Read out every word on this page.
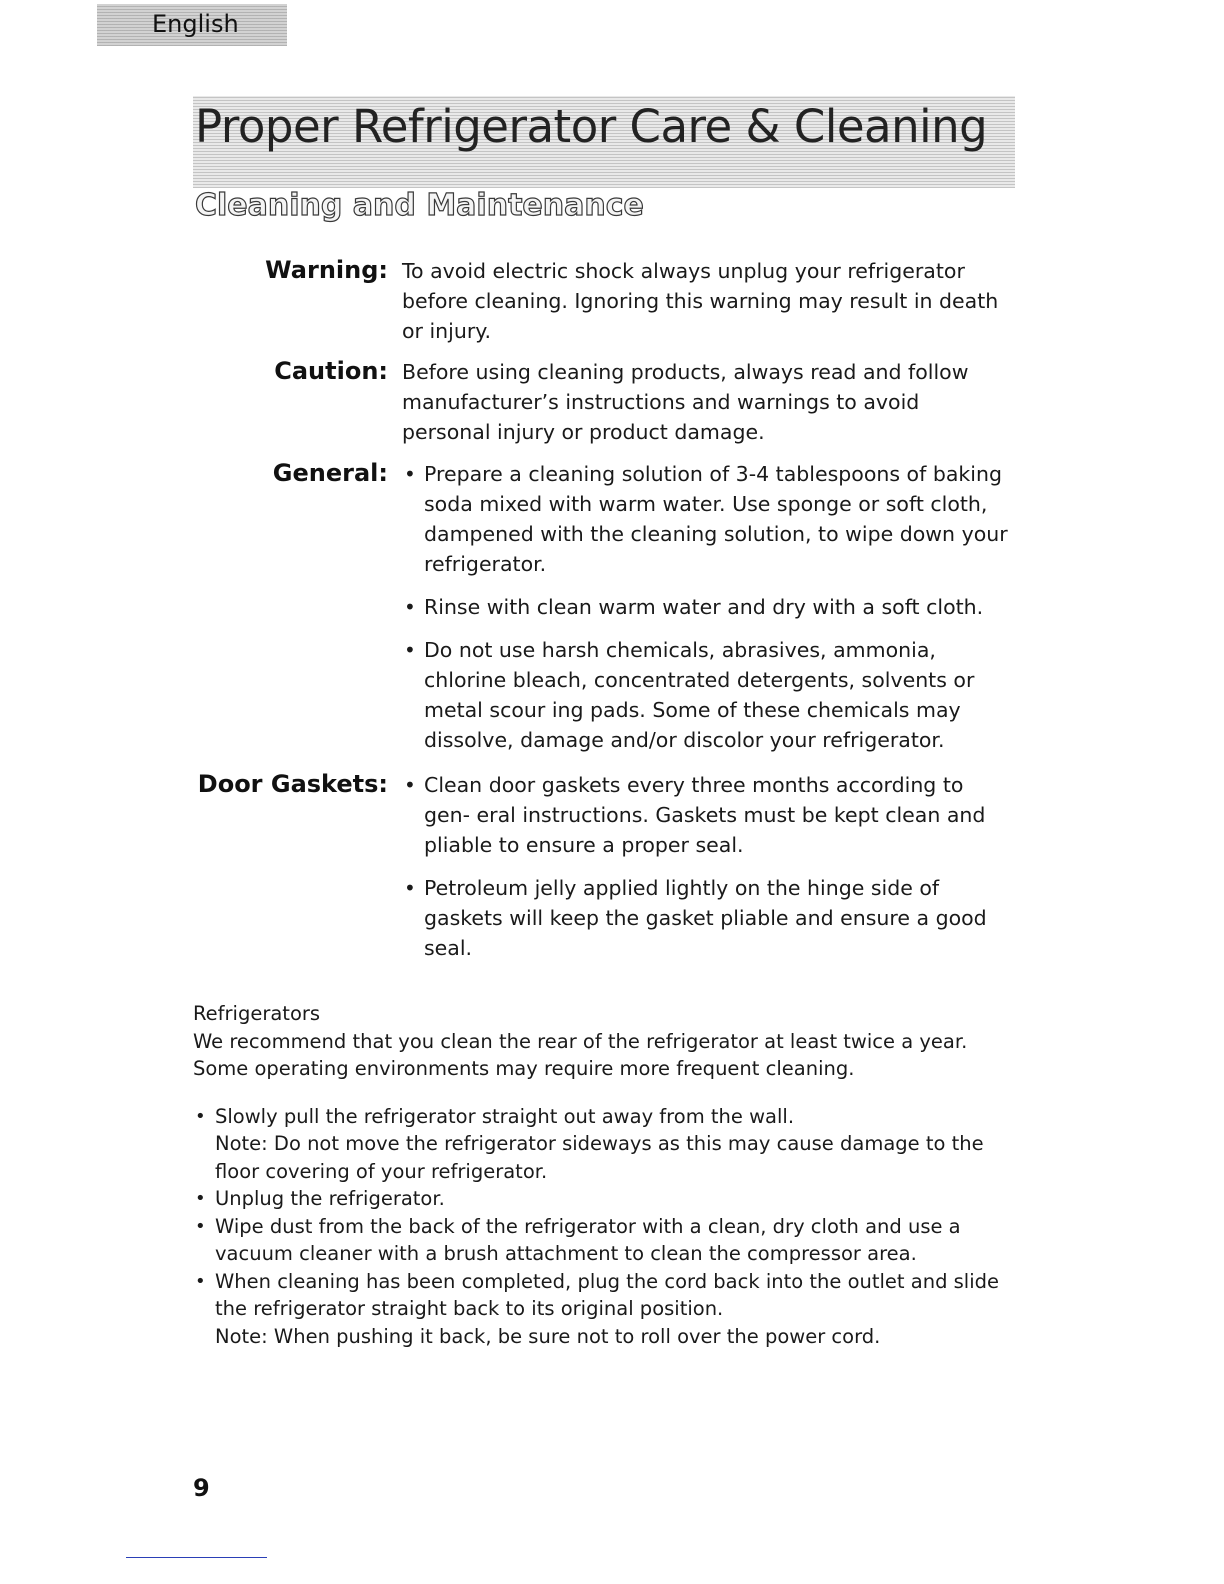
English
Proper Refrigerator Care & Cleaning
Cleaning and Maintenance
Warning: To avoid electric shock always unplug your refrigerator before cleaning. Ignoring this warning may result in death or injury.

Caution: Before using cleaning products, always read and follow manufacturer’s instructions and warnings to avoid personal injury or product damage.

General: • Prepare a cleaning solution of 3-4 tablespoons of baking soda mixed with warm water. Use sponge or soft cloth, dampened with the cleaning solution, to wipe down your refrigerator.
• Rinse with clean warm water and dry with a soft cloth.
• Do not use harsh chemicals, abrasives, ammonia, chlorine bleach, concentrated detergents, solvents or metal scour ing pads. Some of these chemicals may dissolve, damage and/or discolor your refrigerator.
Door Gaskets: • Clean door gaskets every three months according to gen- eral instructions. Gaskets must be kept clean and pliable to ensure a proper seal.
• Petroleum jelly applied lightly on the hinge side of gaskets will keep the gasket pliable and ensure a good seal.

Refrigerators

We recommend that you clean the rear of the refrigerator at least twice a year.

Some operating environments may require more frequent cleaning.

• Slowly pull the refrigerator straight out away from the wall.
Note: Do not move the refrigerator sideways as this may cause damage to the floor covering of your refrigerator.
• Unplug the refrigerator.
• Wipe dust from the back of the refrigerator with a clean, dry cloth and use a vacuum cleaner with a brush attachment to clean the compressor area.
• When cleaning has been completed, plug the cord back into the outlet and slide the refrigerator straight back to its original position.
Note: When pushing it back, be sure not to roll over the power cord.
9
